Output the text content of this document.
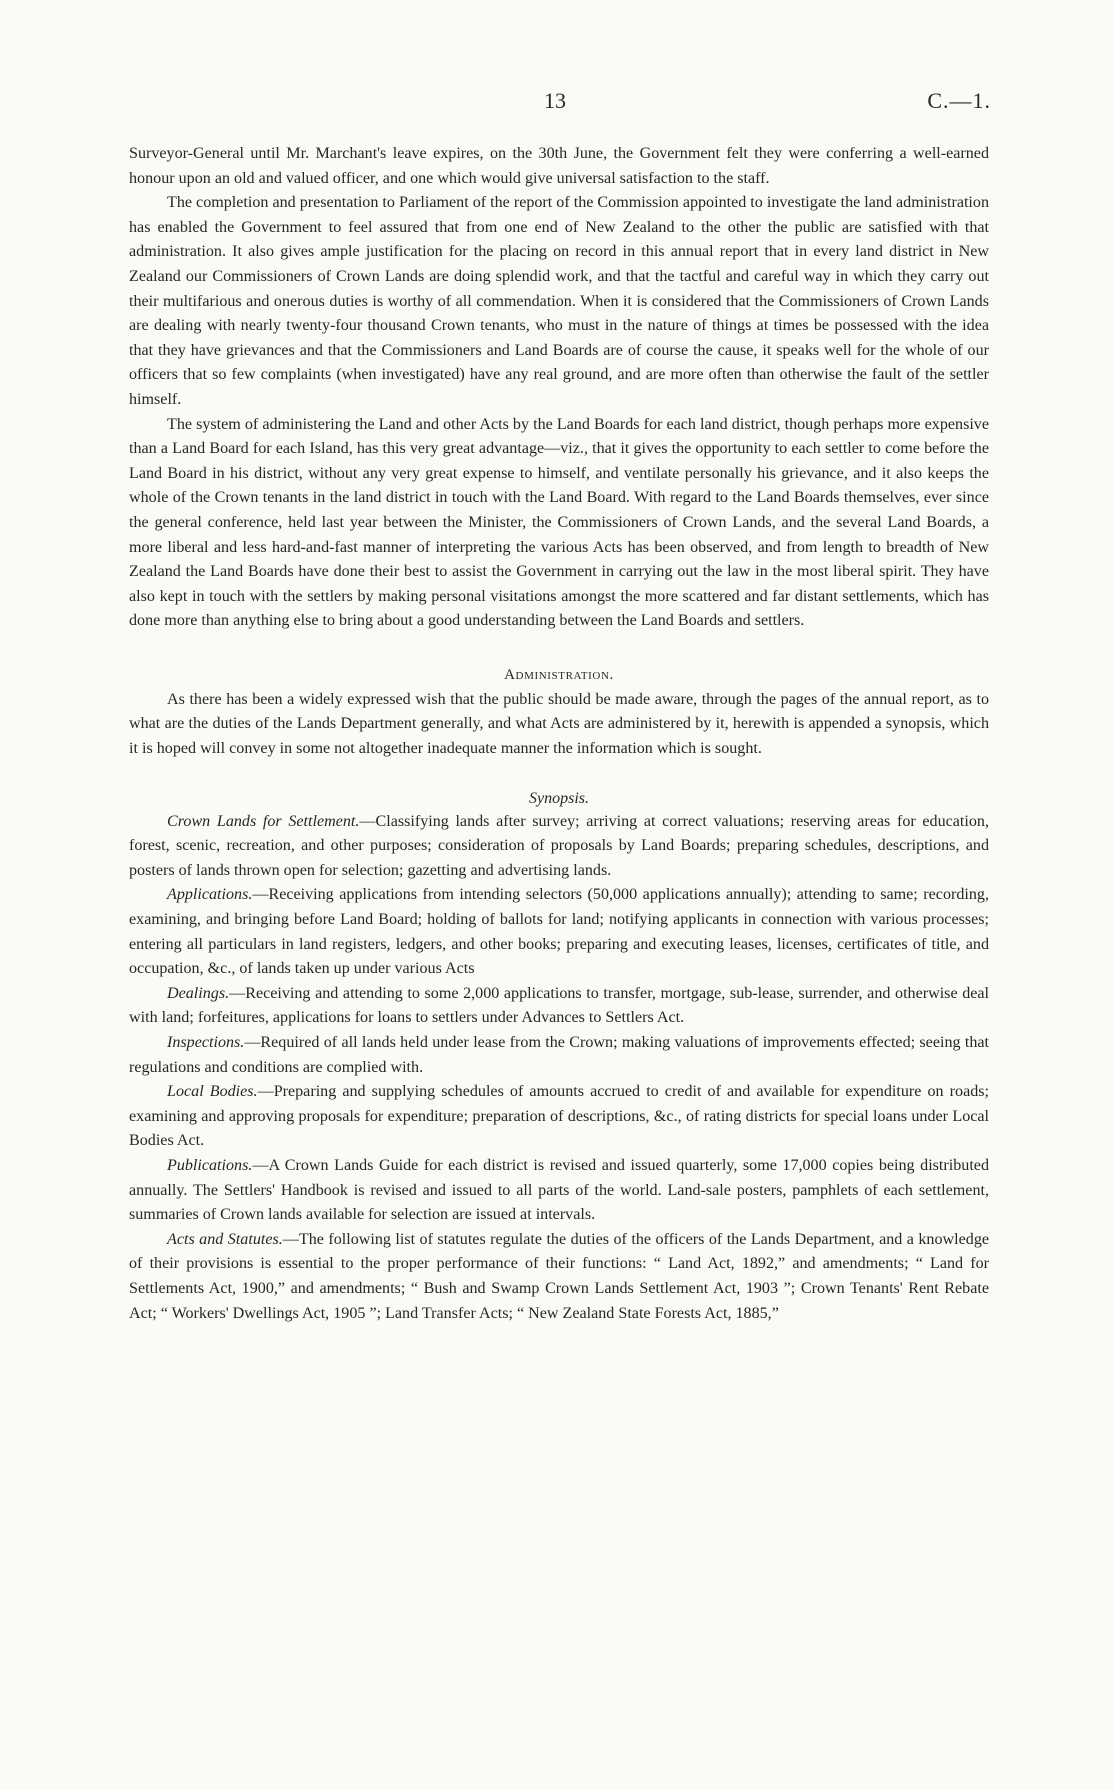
13	C.—1.

Surveyor-General until Mr. Marchant's leave expires, on the 30th June, the Government felt they were conferring a well-earned honour upon an old and valued officer, and one which would give universal satisfaction to the staff.

The completion and presentation to Parliament of the report of the Commission appointed to investigate the land administration has enabled the Government to feel assured that from one end of New Zealand to the other the public are satisfied with that administration. It also gives ample justification for the placing on record in this annual report that in every land district in New Zealand our Commissioners of Crown Lands are doing splendid work, and that the tactful and careful way in which they carry out their multifarious and onerous duties is worthy of all commendation. When it is considered that the Commissioners of Crown Lands are dealing with nearly twenty-four thousand Crown tenants, who must in the nature of things at times be possessed with the idea that they have grievances and that the Commissioners and Land Boards are of course the cause, it speaks well for the whole of our officers that so few complaints (when investigated) have any real ground, and are more often than otherwise the fault of the settler himself.

The system of administering the Land and other Acts by the Land Boards for each land district, though perhaps more expensive than a Land Board for each Island, has this very great advantage—viz., that it gives the opportunity to each settler to come before the Land Board in his district, without any very great expense to himself, and ventilate personally his grievance, and it also keeps the whole of the Crown tenants in the land district in touch with the Land Board. With regard to the Land Boards themselves, ever since the general conference, held last year between the Minister, the Commissioners of Crown Lands, and the several Land Boards, a more liberal and less hard-and-fast manner of interpreting the various Acts has been observed, and from length to breadth of New Zealand the Land Boards have done their best to assist the Government in carrying out the law in the most liberal spirit. They have also kept in touch with the settlers by making personal visitations amongst the more scattered and far distant settlements, which has done more than anything else to bring about a good understanding between the Land Boards and settlers.

Administration.

As there has been a widely expressed wish that the public should be made aware, through the pages of the annual report, as to what are the duties of the Lands Department generally, and what Acts are administered by it, herewith is appended a synopsis, which it is hoped will convey in some not altogether inadequate manner the information which is sought.

Synopsis.

Crown Lands for Settlement.—Classifying lands after survey; arriving at correct valuations; reserving areas for education, forest, scenic, recreation, and other purposes; consideration of proposals by Land Boards; preparing schedules, descriptions, and posters of lands thrown open for selection; gazetting and advertising lands.

Applications.—Receiving applications from intending selectors (50,000 applications annually); attending to same; recording, examining, and bringing before Land Board; holding of ballots for land; notifying applicants in connection with various processes; entering all particulars in land registers, ledgers, and other books; preparing and executing leases, licenses, certificates of title, and occupation, &c., of lands taken up under various Acts

Dealings.—Receiving and attending to some 2,000 applications to transfer, mortgage, sub-lease, surrender, and otherwise deal with land; forfeitures, applications for loans to settlers under Advances to Settlers Act.

Inspections.—Required of all lands held under lease from the Crown; making valuations of improvements effected; seeing that regulations and conditions are complied with.

Local Bodies.—Preparing and supplying schedules of amounts accrued to credit of and available for expenditure on roads; examining and approving proposals for expenditure; preparation of descriptions, &c., of rating districts for special loans under Local Bodies Act.

Publications.—A Crown Lands Guide for each district is revised and issued quarterly, some 17,000 copies being distributed annually. The Settlers' Handbook is revised and issued to all parts of the world. Land-sale posters, pamphlets of each settlement, summaries of Crown lands available for selection are issued at intervals.

Acts and Statutes.—The following list of statutes regulate the duties of the officers of the Lands Department, and a knowledge of their provisions is essential to the proper performance of their functions: “ Land Act, 1892,” and amendments; “ Land for Settlements Act, 1900,” and amendments; “ Bush and Swamp Crown Lands Settlement Act, 1903 ”; Crown Tenants' Rent Rebate Act; “ Workers' Dwellings Act, 1905 ”; Land Transfer Acts; “ New Zealand State Forests Act, 1885,”
